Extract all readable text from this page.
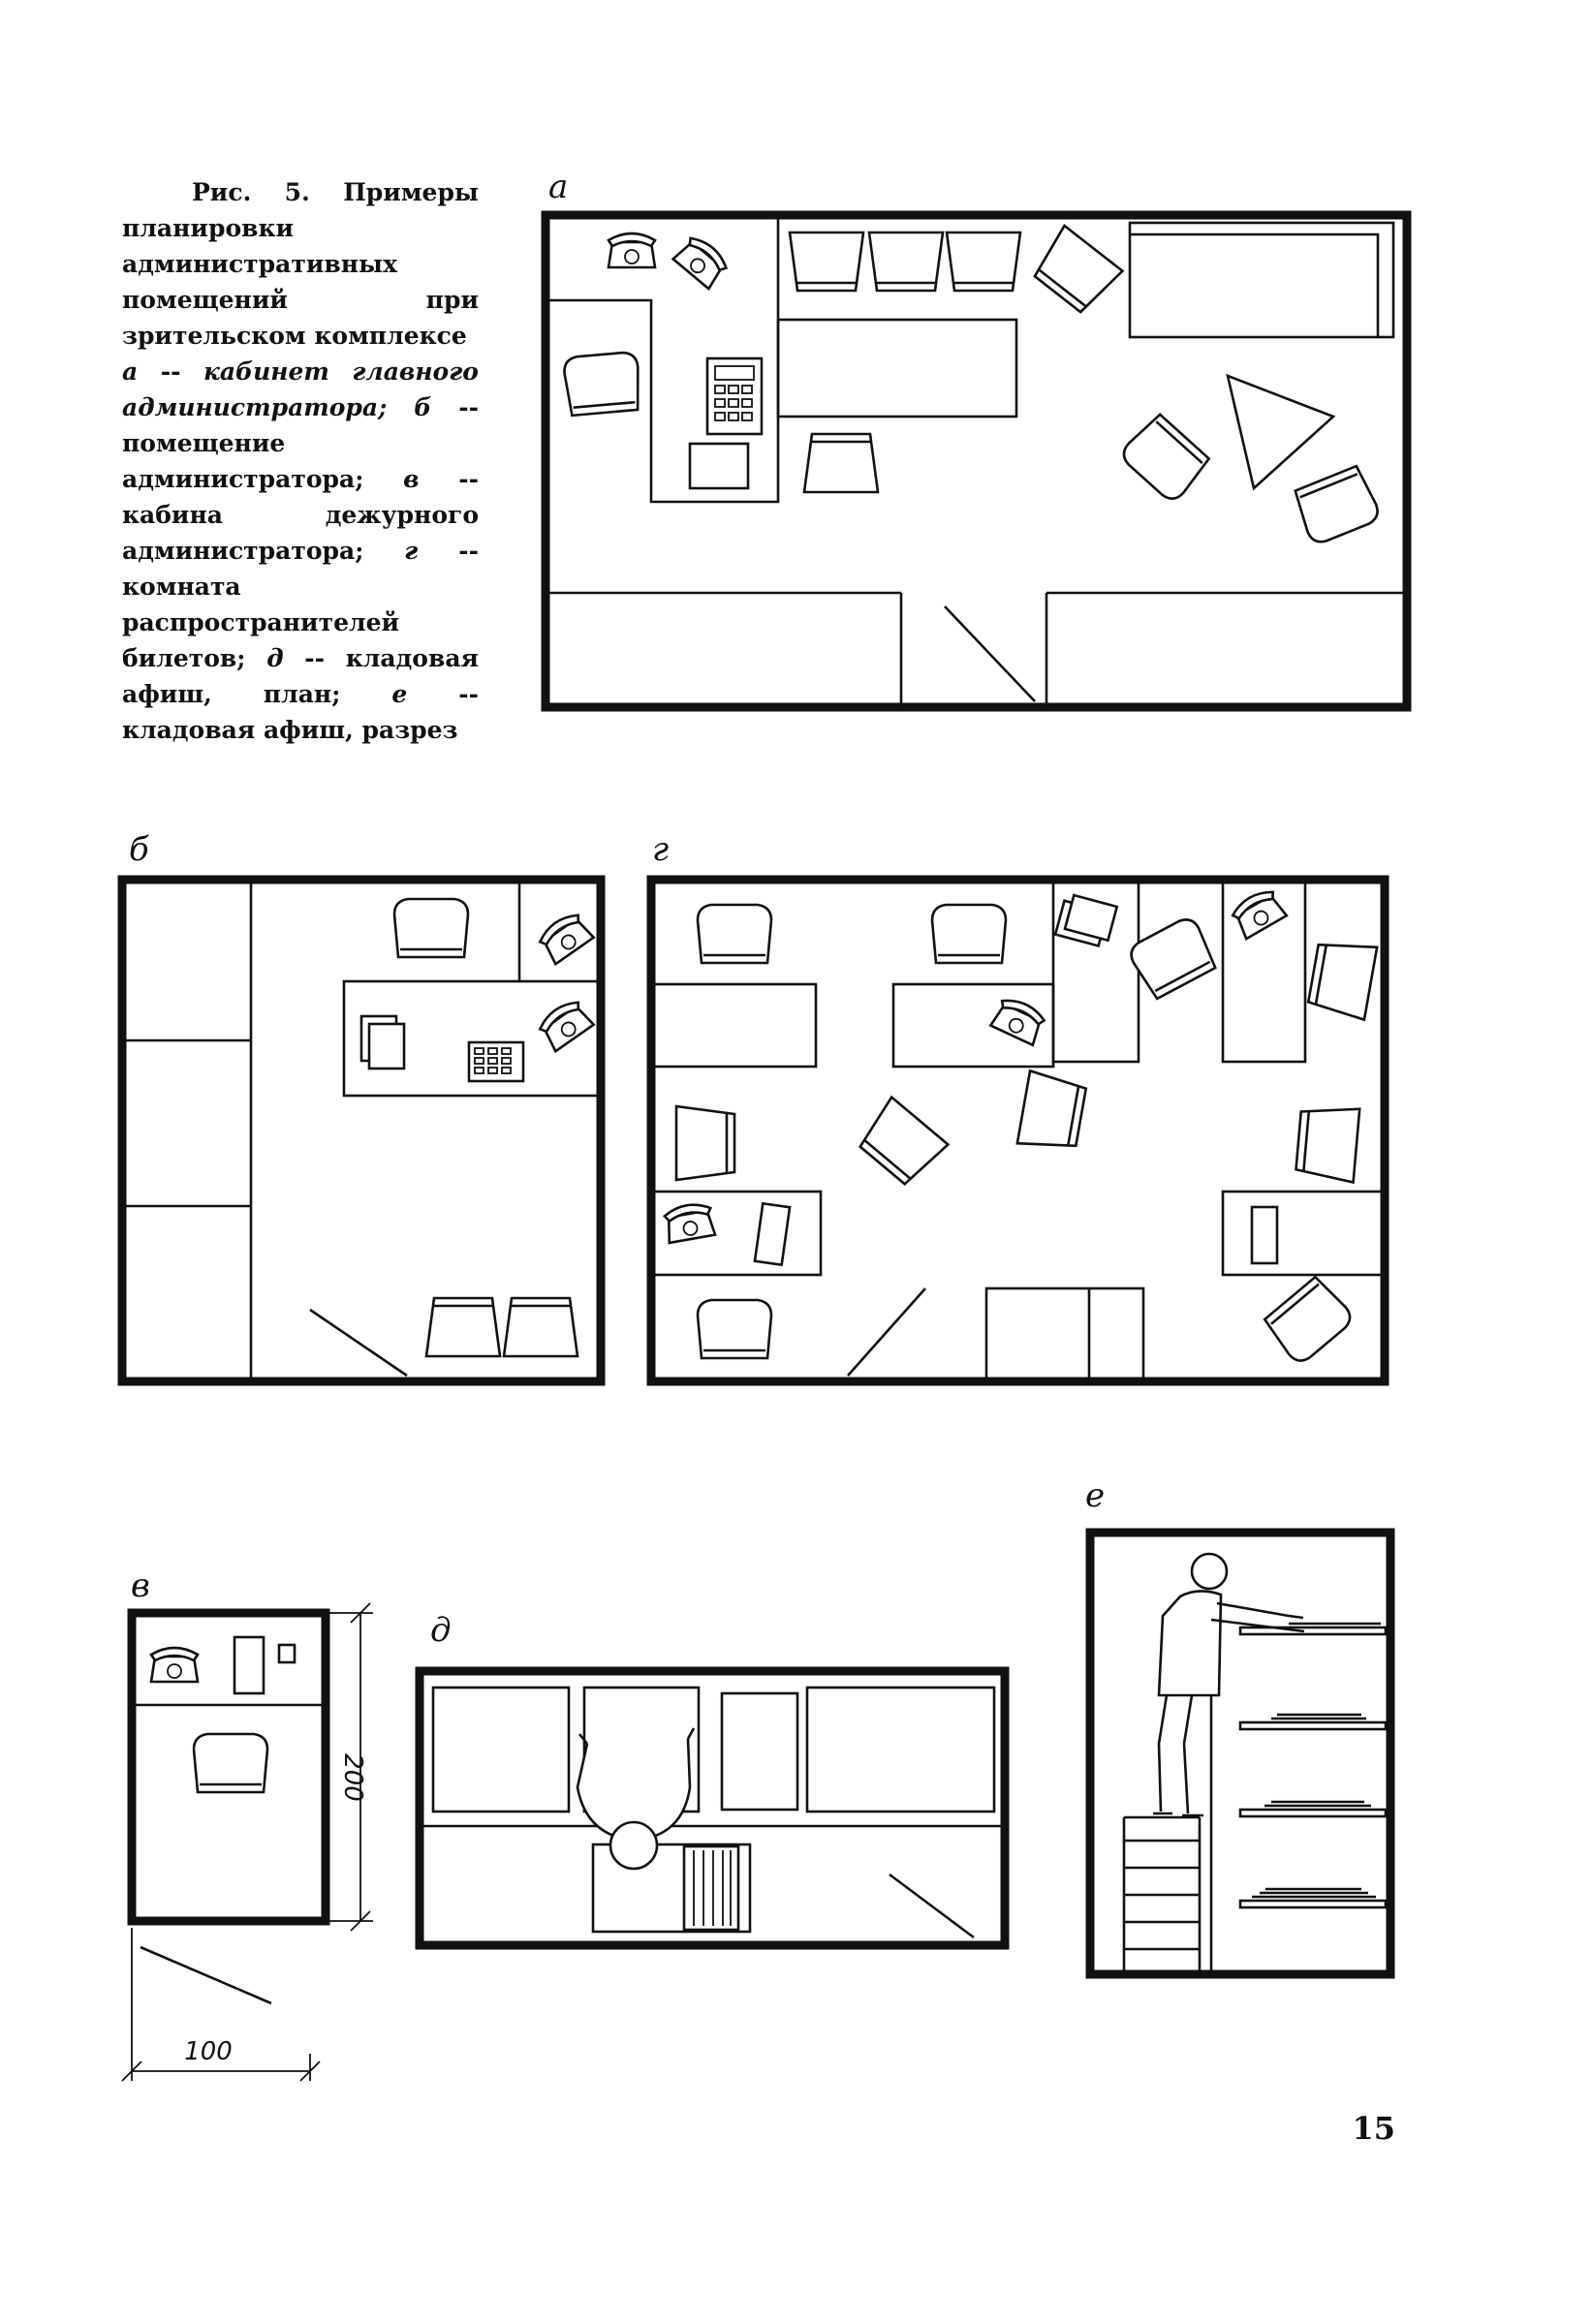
Рис. 5. Примеры планировки административных помещений при зрительском комплексе

а -- кабинет главного администратора; б -- помещение администратора; в -- кабина дежурного администратора; г -- комната распространителей билетов; д -- кладовая афиш, план; е -- кладовая афиш, разрез

а
б	г
в
200
100
д
е
15
